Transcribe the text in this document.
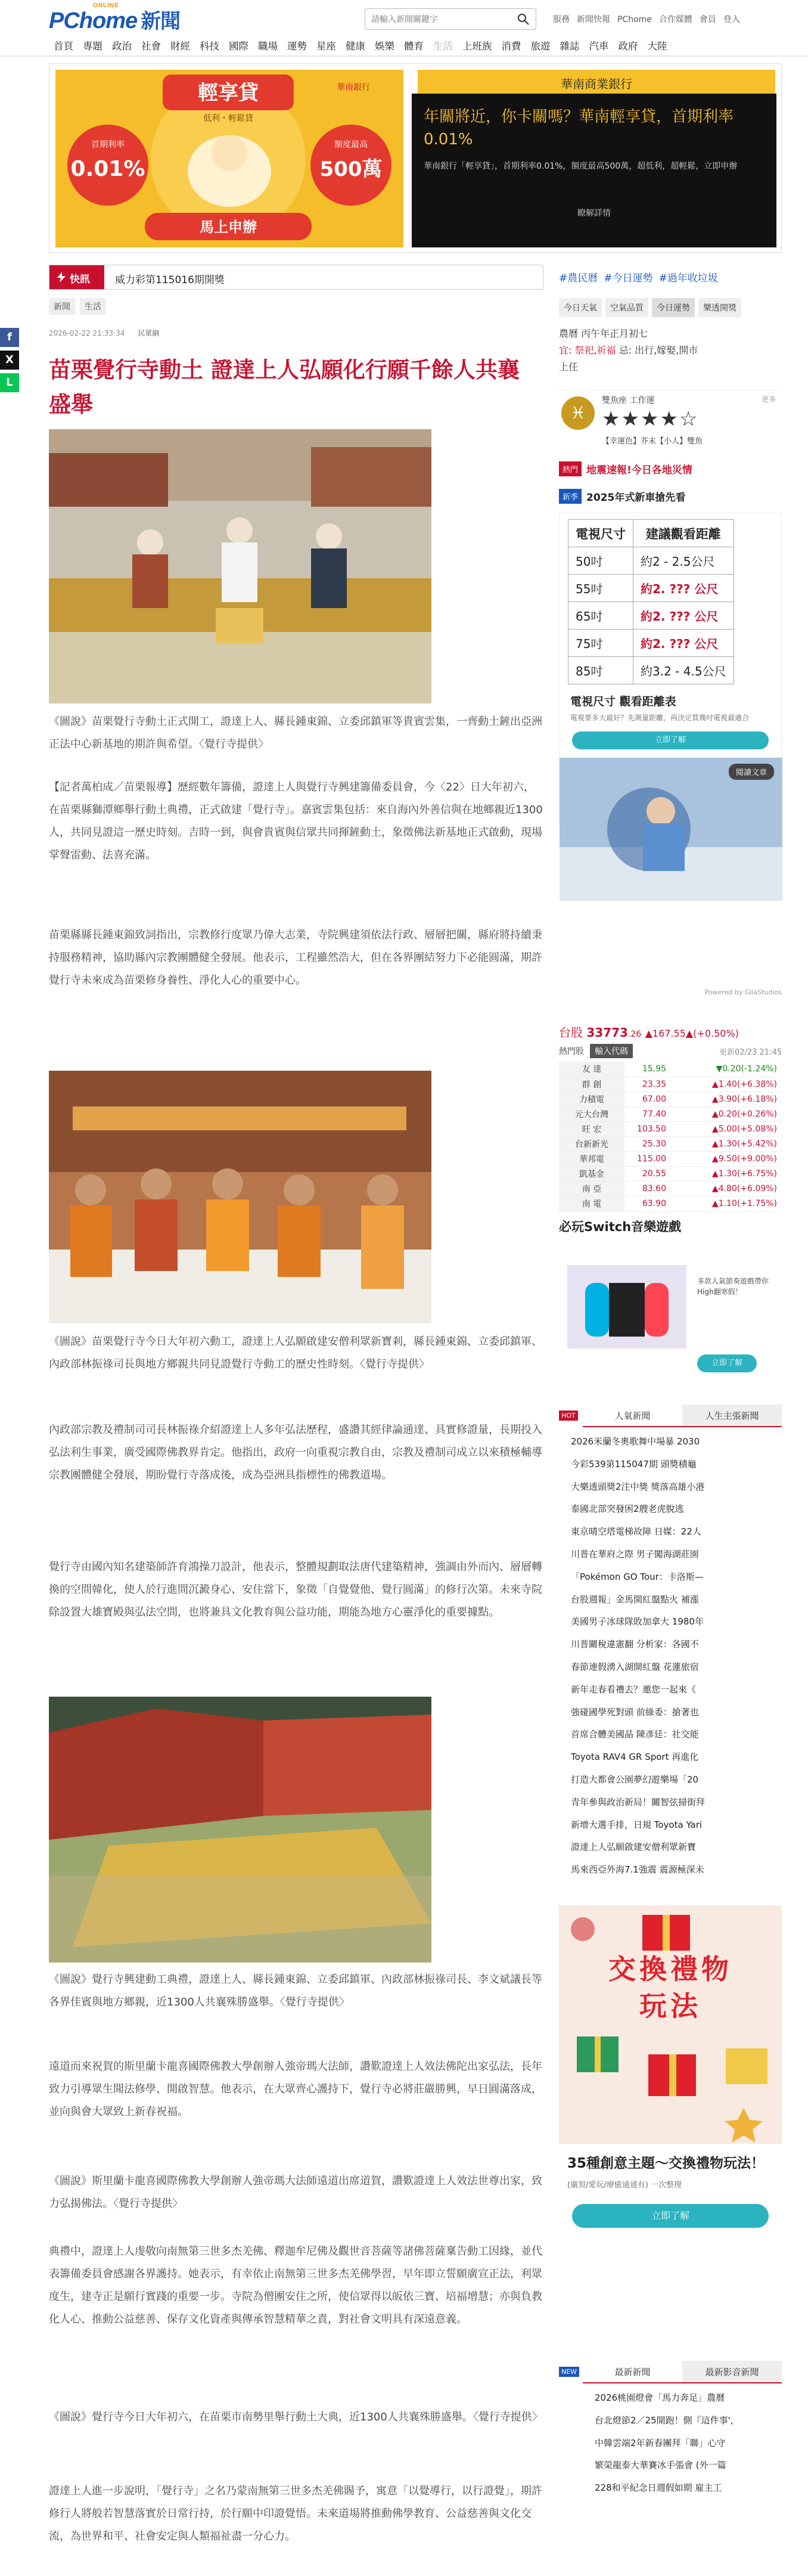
PChome 新聞
ONLINE
請輸入新聞關鍵字
服務 新聞快報 PChome 合作媒體 會員 登入
首頁 專題 政治 社會 財經 科技 國際 職場 運勢 星座 健康 娛樂 體育 生活 上班族 消費 旅遊 雜誌 汽車 政府 大陸
輕享貸
低利・輕鬆貸
華南銀行
首期利率
0.01%
額度最高
500萬
馬上申辦
華南商業銀行
年關將近，你卡關嗎？華南輕享貸，首期利率0.01%
華南銀行「輕享貸」，首期利率0.01%，額度最高500萬，超低利，超輕鬆，立即申辦
瞭解詳情
快訊	威力彩第115016期開獎
新聞	生活
f
X
L
2026-02-22 21:33:34 民眾網
苗栗覺行寺動土 證達上人弘願化行願千餘人共襄盛舉
《圖說》苗栗覺行寺動土正式開工，證達上人、縣長鍾東錦、立委邱鎮軍等貴賓雲集，一齊動土鏟出亞洲正法中心新基地的期許與希望。〈覺行寺提供〉
【記者萬柏成／苗栗報導】歷經數年籌備，證達上人與覺行寺興建籌備委員會，今〈22〉日大年初六，在苗栗縣獅潭鄉舉行動土典禮，正式啟建「覺行寺」。嘉賓雲集包括：來自海內外善信與在地鄉親近1300人，共同見證這一歷史時刻。吉時一到，與會貴賓與信眾共同揮鏟動土，象徵佛法新基地正式啟動，現場掌聲雷動、法喜充滿。
苗栗縣縣長鍾東錦致詞指出，宗教修行度眾乃偉大志業，寺院興建須依法行政、層層把關，縣府將持續秉持服務精神，協助縣內宗教團體健全發展。他表示，工程雖然浩大，但在各界團結努力下必能圓滿，期許覺行寺未來成為苗栗修身養性、淨化人心的重要中心。
《圖說》苗栗覺行寺今日大年初六動工，證達上人弘願啟建安僧利眾新寶剎，縣長鍾東錦、立委邱鎮軍、內政部林振祿司長與地方鄉親共同見證覺行寺動工的歷史性時刻。〈覺行寺提供〉
內政部宗教及禮制司司長林振祿介紹證達上人多年弘法歷程，盛讚其經律論通達、具實修證量，長期投入弘法利生事業，廣受國際佛教界肯定。他指出，政府一向重視宗教自由，宗教及禮制司成立以來積極輔導宗教團體健全發展，期盼覺行寺落成後，成為亞洲具指標性的佛教道場。
覺行寺由國內知名建築師許育鴻操刀設計，他表示，整體規劃取法唐代建築精神，強調由外而內、層層轉換的空間韓化，使人於行進間沉澱身心、安住當下，象徵「自覺覺他、覺行圓滿」的修行次第。未來寺院除設置大雄寶殿與弘法空間，也將兼具文化教育與公益功能，期能為地方心靈淨化的重要據點。
《圖說》覺行寺興建動工典禮，證達上人、縣長鍾東錦、立委邱鎮軍、內政部林振祿司長、李文斌議長等各界佳賓與地方鄉親，近1300人共襄殊勝盛舉。〈覺行寺提供〉
遠道而來祝賀的斯里蘭卡龍喜國際佛教大學創辦人強帝瑪大法師，讚歎證達上人效法佛陀出家弘法，長年致力引導眾生聞法修學、開啟智慧。他表示，在大眾齊心護持下，覺行寺必將莊嚴勝興，早日圓滿落成，並向與會大眾致上新春祝福。
《圖說》斯里蘭卡龍喜國際佛教大學創辦人強帝瑪大法師遠道出席道賀，讚歎證達上人效法世尊出家，致力弘揚佛法。〈覺行寺提供〉
典禮中，證達上人虔敬向南無第三世多杰羌佛、釋迦牟尼佛及觀世音菩薩等諸佛菩薩稟告動工因緣，並代表籌備委員會感謝各界護持。她表示，有幸依止南無第三世多杰羌佛學習，早年即立誓願廣宣正法，利眾度生，建寺正是願行實踐的重要一步。寺院為僧團安住之所，使信眾得以皈依三寶、培福增慧；亦與負教化人心、推動公益慈善、保存文化資產與傳承智慧精華之責，對社會文明具有深遠意義。
《圖說》覺行寺今日大年初六，在苗栗市南勢里舉行動土大典，近1300人共襄殊勝盛舉。〈覺行寺提供〉
證達上人進一步說明，「覺行寺」之名乃蒙南無第三世多杰羌佛賜予，寓意「以覺導行，以行證覺」，期許修行人將般若智慧落實於日常行持，於行願中印證覺悟。未來道場將推動佛學教育、公益慈善與文化交流，為世界和平、社會安定與人類福祉盡一分心力。
#農民曆 #今日運勢 #過年收垃圾
今日天氣	空氣品質	今日運勢	樂透開獎
農曆 丙午年正月初七
宜: 祭祀,祈福 忌: 出行,嫁娶,開市
上任
♓
雙魚座 工作運
★★★★☆
【幸運色】芥末【小人】雙魚
更多
熱門 地震速報!今日各地災情
新季 2025年式新車搶先看
電視尺寸	建議觀看距離
50吋	約2 - 2.5公尺
55吋	約2. ??? 公尺
65吋	約2. ??? 公尺
75吋	約2. ??? 公尺
85吋	約3.2 - 4.5公尺
電視尺寸 觀看距離表
電視要多大最好？先測量距離，再決定買幾吋電視最適合
立即了解
閱讀文章
Powered by GliaStudios
台股 33773.26 ▲167.55▲(+0.50%)
熱門股	輸入代碼	更新02/23 21:45
友 達	15.95	▼0.20(-1.24%)
群 創	23.35	▲1.40(+6.38%)
力積電	67.00	▲3.90(+6.18%)
元大台灣	77.40	▲0.20(+0.26%)
旺 宏	103.50	▲5.00(+5.08%)
台新新光	25.30	▲1.30(+5.42%)
華邦電	115.00	▲9.50(+9.00%)
凱基金	20.55	▲1.30(+6.75%)
南 亞	83.60	▲4.80(+6.09%)
南 電	63.90	▲1.10(+1.75%)
必玩Switch音樂遊戲
多款人氣節奏遊戲帶你High翻寒假！
立即了解
HOT	人氣新聞	人生主張新聞
2026米蘭冬奧歌舞中場暴 2030
今彩539第115047期 頭獎積龜
大樂透頭獎2注中獎 獎落高雄小港
泰國北部突發困2艘老虎脫逃
東京晴空塔電梯故障 日媒：22人
川普在華府之際 男子闖海湖莊園
「Pokémon GO Tour：卡洛斯—
台股週報」金馬開紅盤點火 補漲
美國男子冰球隊敗加拿大 1980年
川普關稅違憲翻 分析家：各國不
春節連假湧入湖開紅盤 花蓮旅宿
新年走春看禮去？邀您一起來《
強碰國學死對頭 前綠委：搶著也
首席合體美國晶 陳彥廷：社交能
Toyota RAV4 GR Sport 再進化
打造大都會公園夢幻遊樂場「20
青年參與政治新局！關智弦掃街拜
新增大選手排，日規 Toyota Yari
證達上人弘願啟建安僧利眾新寶
馬來西亞外海7.1強震 震源極深未
交換禮物
玩法
35種創意主題～交換禮物玩法！
(廣契/愛玩/療癒通通有) 一次整理
立即了解
NEW	最新新聞	最新影音新聞
2026桃園燈會「馬力奔足」農曆
台北燈節2／25開跑！側『這件事',
中韓雲端2年新春團拜「聯」心守
繁榮龍泰大華賽冰手張會 (外一篇
228和平紀念日週假如期 雇主工
